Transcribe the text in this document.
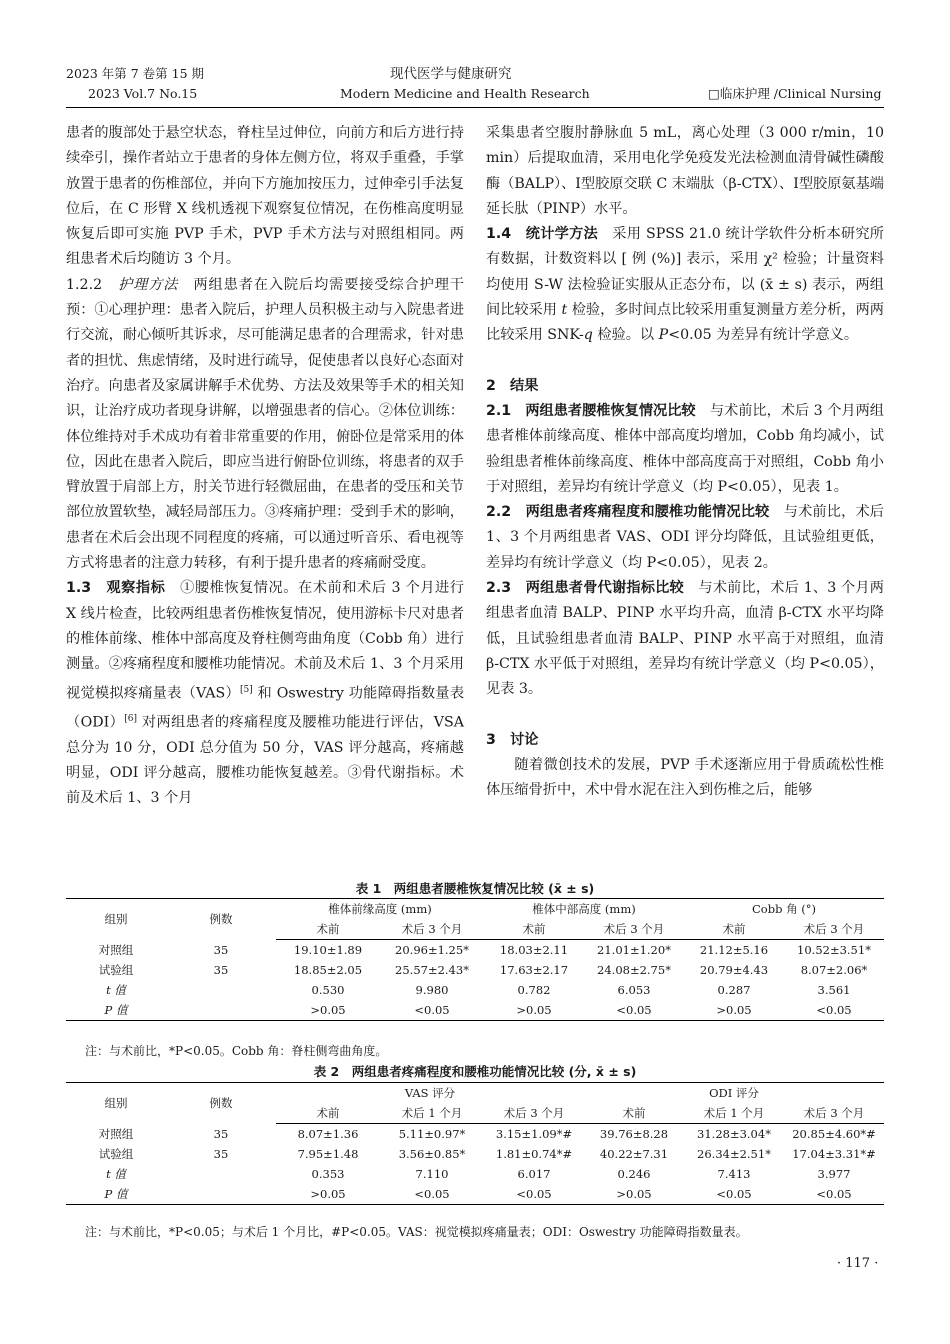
2023 年第 7 卷第 15 期
2023 Vol.7 No.15
现代医学与健康研究
Modern Medicine and Health Research	□临床护理 /Clinical Nursing

患者的腹部处于悬空状态，脊柱呈过伸位，向前方和后方进行持续牵引，操作者站立于患者的身体左侧方位，将双手重叠，手掌放置于患者的伤椎部位，并向下方施加按压力，过伸牵引手法复位后，在 C 形臂 X 线机透视下观察复位情况，在伤椎高度明显恢复后即可实施 PVP 手术，PVP 手术方法与对照组相同。两组患者术后均随访 3 个月。

1.2.2　 护理方法　 两组患者在入院后均需要接受综合护理干预：①心理护理：患者入院后，护理人员积极主动与入院患者进行交流，耐心倾听其诉求，尽可能满足患者的合理需求，针对患者的担忧、焦虑情绪，及时进行疏导，促使患者以良好心态面对治疗。向患者及家属讲解手术优势、方法及效果等手术的相关知识，让治疗成功者现身讲解，以增强患者的信心。②体位训练：体位维持对手术成功有着非常重要的作用，俯卧位是常采用的体位，因此在患者入院后，即应当进行俯卧位训练，将患者的双手臂放置于肩部上方，肘关节进行轻微屈曲，在患者的受压和关节部位放置软垫，减轻局部压力。③疼痛护理：受到手术的影响，患者在术后会出现不同程度的疼痛，可以通过听音乐、看电视等方式将患者的注意力转移，有利于提升患者的疼痛耐受度。

1.3　观察指标　 ①腰椎恢复情况。在术前和术后 3 个月进行 X 线片检查，比较两组患者伤椎恢复情况，使用游标卡尺对患者的椎体前缘、椎体中部高度及脊柱侧弯曲角度（Cobb 角）进行测量。②疼痛程度和腰椎功能情况。术前及术后 1、3 个月采用视觉模拟疼痛量表（VAS）[5] 和 Oswestry 功能障碍指数量表（ODI）[6] 对两组患者的疼痛程度及腰椎功能进行评估，VSA 总分为 10 分，ODI 总分值为 50 分，VAS 评分越高，疼痛越明显，ODI 评分越高，腰椎功能恢复越差。③骨代谢指标。术前及术后 1、3 个月

采集患者空腹肘静脉血 5 mL，离心处理（3 000 r/min，10 min）后提取血清，采用电化学免疫发光法检测血清骨碱性磷酸酶（BALP）、Ⅰ型胶原交联 C 末端肽（β-CTX）、Ⅰ型胶原氨基端延长肽（PⅠNP）水平。

1.4　统计学方法　 采用 SPSS 21.0 统计学软件分析本研究所有数据，计数资料以 [ 例 (%)] 表示，采用 χ² 检验；计量资料均使用 S-W 法检验证实服从正态分布，以 (x̄ ± s) 表示，两组间比较采用 t 检验，多时间点比较采用重复测量方差分析，两两比较采用 SNK-q 检验。以 P<0.05 为差异有统计学意义。

2　结果

2.1　两组患者腰椎恢复情况比较　 与术前比，术后 3 个月两组患者椎体前缘高度、椎体中部高度均增加，Cobb 角均减小，试验组患者椎体前缘高度、椎体中部高度高于对照组，Cobb 角小于对照组，差异均有统计学意义（均 P<0.05），见表 1。

2.2　两组患者疼痛程度和腰椎功能情况比较　 与术前比，术后 1、3 个月两组患者 VAS、ODI 评分均降低，且试验组更低，差异均有统计学意义（均 P<0.05），见表 2。

2.3　两组患者骨代谢指标比较　 与术前比，术后 1、3 个月两组患者血清 BALP、PⅠNP 水平均升高，血清 β-CTX 水平均降低，且试验组患者血清 BALP、PⅠNP 水平高于对照组，血清 β-CTX 水平低于对照组，差异均有统计学意义（均 P<0.05），见表 3。

3　讨论

随着微创技术的发展，PVP 手术逐渐应用于骨质疏松性椎体压缩骨折中，术中骨水泥在注入到伤椎之后，能够

表 1　两组患者腰椎恢复情况比较 (x̄ ± s)
组别	例数	椎体前缘高度 (mm)		椎体中部高度 (mm)		Cobb 角 (°)	
		术前	术后 3 个月	术前	术后 3 个月	术前	术后 3 个月
对照组	35	19.10±1.89	20.96±1.25*	18.03±2.11	21.01±1.20*	21.12±5.16	10.52±3.51*
试验组	35	18.85±2.05	25.57±2.43*	17.63±2.17	24.08±2.75*	20.79±4.43	8.07±2.06*
t 值		0.530	9.980	0.782	6.053	0.287	3.561
P 值		>0.05	<0.05	>0.05	<0.05	>0.05	<0.05
注：与术前比，*P<0.05。Cobb 角：脊柱侧弯曲角度。
表 2　两组患者疼痛程度和腰椎功能情况比较 (分, x̄ ± s)
组别	例数	VAS 评分			ODI 评分		
		术前	术后 1 个月	术后 3 个月	术前	术后 1 个月	术后 3 个月
对照组	35	8.07±1.36	5.11±0.97*	3.15±1.09*#	39.76±8.28	31.28±3.04*	20.85±4.60*#
试验组	35	7.95±1.48	3.56±0.85*	1.81±0.74*#	40.22±7.31	26.34±2.51*	17.04±3.31*#
t 值		0.353	7.110	6.017	0.246	7.413	3.977
P 值		>0.05	<0.05	<0.05	>0.05	<0.05	<0.05
注：与术前比，*P<0.05；与术后 1 个月比，#P<0.05。VAS：视觉模拟疼痛量表；ODI：Oswestry 功能障碍指数量表。
· 117 ·
